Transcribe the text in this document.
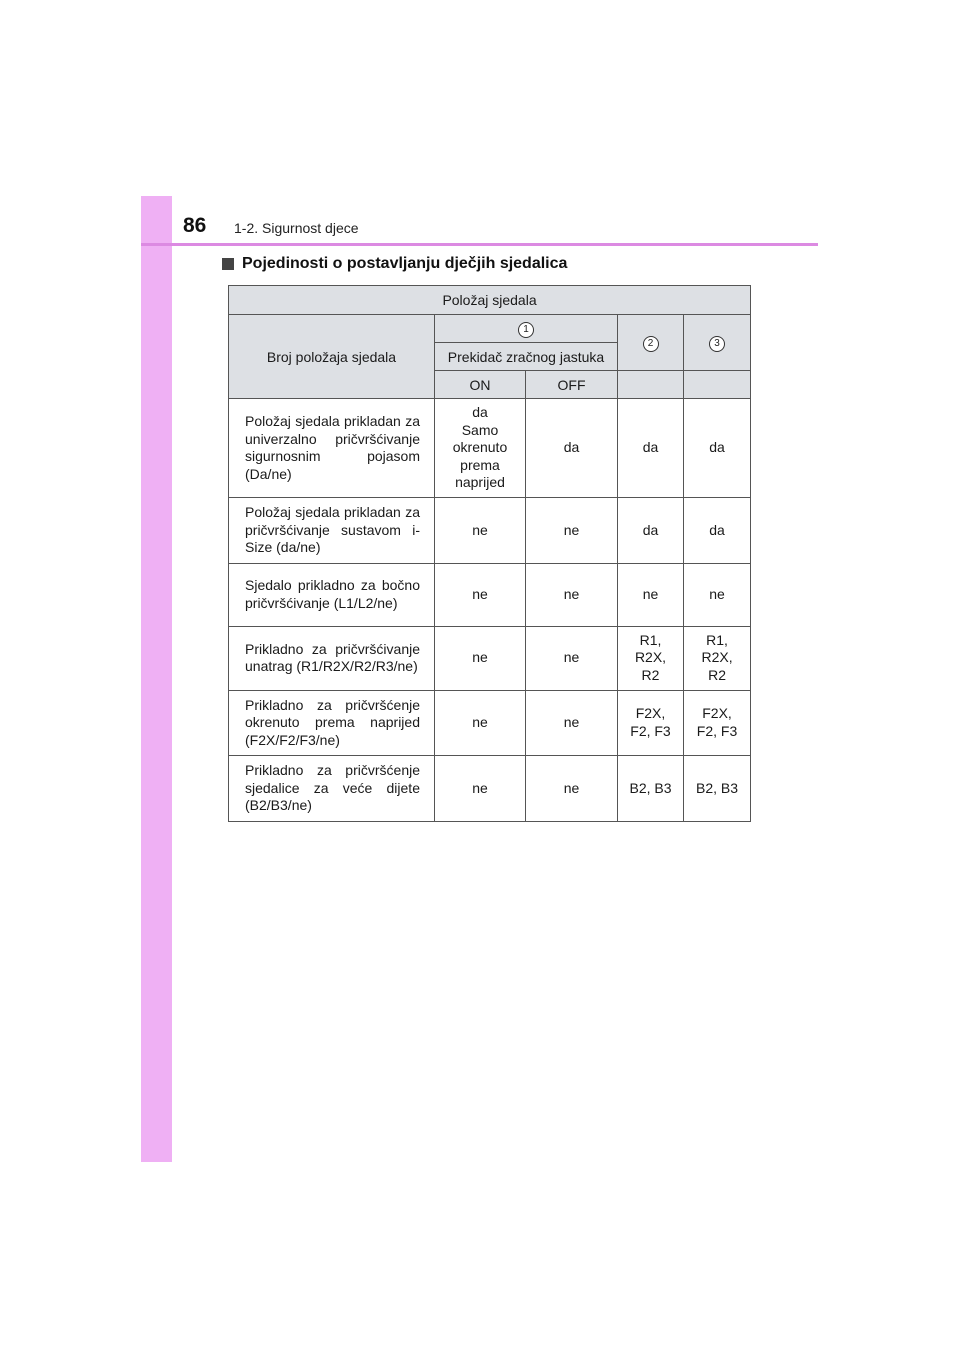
86 1-2. Sigurnost djece
Pojedinosti o postavljanju dječjih sjedalica
Položaj sjedala				
Broj položaja sjedala	1		2	3
	Prekidač zračnog jastuka			
	ON	OFF		

Položaj sjedala prikladan za univerzalno pričvršćivanje sigurnosnim pojasom (Da/ne)	da
Samo
okrenuto
prema
naprijed	da	da	da

Položaj sjedala prikladan za pričvršćivanje sustavom i-Size (da/ne)	ne	ne	da	da

Sjedalo prikladno za bočno pričvršćivanje (L1/L2/ne)	ne	ne	ne	ne

Prikladno za pričvršćivanje unatrag (R1/R2X/R2/R3/ne)	ne	ne	R1,
R2X,
R2	R1,
R2X,
R2

Prikladno za pričvršćenje okrenuto prema naprijed (F2X/F2/F3/ne)	ne	ne	F2X,
F2, F3	F2X,
F2, F3

Prikladno za pričvršćenje sjedalice za veće dijete (B2/B3/ne)	ne	ne	B2, B3	B2, B3
